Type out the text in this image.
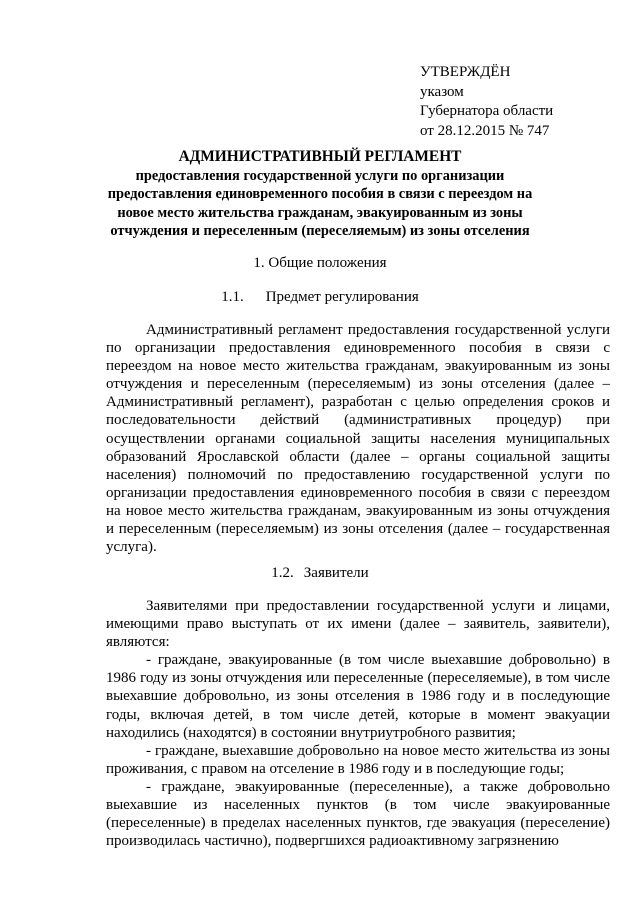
УТВЕРЖДЁН
указом
Губернатора области
от 28.12.2015 № 747
АДМИНИСТРАТИВНЫЙ РЕГЛАМЕНТ
предоставления государственной услуги по организации предоставления единовременного пособия в связи с переездом на новое место жительства гражданам, эвакуированным из зоны отчуждения и переселенным (переселяемым) из зоны отселения
1. Общие положения
1.1. Предмет регулирования

Административный регламент предоставления государственной услуги по организации предоставления единовременного пособия в связи с переездом на новое место жительства гражданам, эвакуированным из зоны отчуждения и переселенным (переселяемым) из зоны отселения (далее – Административный регламент), разработан с целью определения сроков и последовательности действий (административных процедур) при осуществлении органами социальной защиты населения муниципальных образований Ярославской области (далее – органы социальной защиты населения) полномочий по предоставлению государственной услуги по организации предоставления единовременного пособия в связи с переездом на новое место жительства гражданам, эвакуированным из зоны отчуждения и переселенным (переселяемым) из зоны отселения (далее – государственная услуга).

1.2. Заявители

Заявителями при предоставлении государственной услуги и лицами, имеющими право выступать от их имени (далее – заявитель, заявители), являются:

- граждане, эвакуированные (в том числе выехавшие добровольно) в 1986 году из зоны отчуждения или переселенные (переселяемые), в том числе выехавшие добровольно, из зоны отселения в 1986 году и в последующие годы, включая детей, в том числе детей, которые в момент эвакуации находились (находятся) в состоянии внутриутробного развития;

- граждане, выехавшие добровольно на новое место жительства из зоны проживания, с правом на отселение в 1986 году и в последующие годы;

- граждане, эвакуированные (переселенные), а также добровольно выехавшие из населенных пунктов (в том числе эвакуированные (переселенные) в пределах населенных пунктов, где эвакуация (переселение) производилась частично), подвергшихся радиоактивному загрязнению
